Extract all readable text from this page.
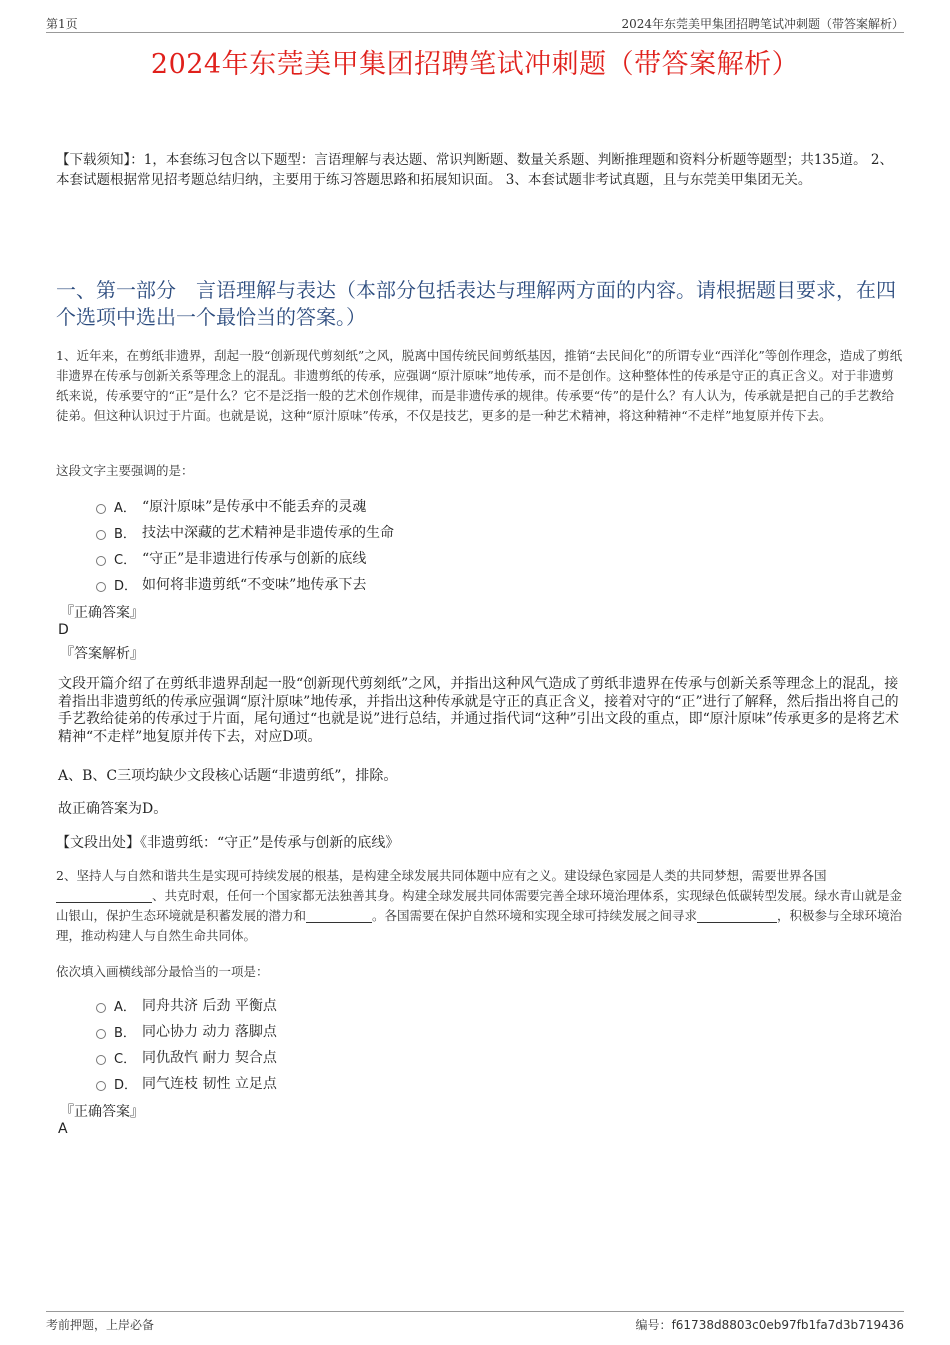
第1页	2024年东莞美甲集团招聘笔试冲刺题（带答案解析）
2024年东莞美甲集团招聘笔试冲刺题（带答案解析）
【下载须知】：1，本套练习包含以下题型：言语理解与表达题、常识判断题、数量关系题、判断推理题和资料分析题等题型；共135道。 2、本套试题根据常见招考题总结归纳，主要用于练习答题思路和拓展知识面。 3、本套试题非考试真题，且与东莞美甲集团无关。
一、第一部分　言语理解与表达（本部分包括表达与理解两方面的内容。请根据题目要求，在四个选项中选出一个最恰当的答案。）
1、近年来，在剪纸非遗界，刮起一股“创新现代剪刻纸”之风，脱离中国传统民间剪纸基因，推销“去民间化”的所谓专业“西洋化”等创作理念，造成了剪纸非遗界在传承与创新关系等理念上的混乱。非遗剪纸的传承，应强调“原汁原味”地传承，而不是创作。这种整体性的传承是守正的真正含义。对于非遗剪纸来说，传承要守的“正”是什么？它不是泛指一般的艺术创作规律，而是非遗传承的规律。传承要“传”的是什么？有人认为，传承就是把自己的手艺教给徒弟。但这种认识过于片面。也就是说，这种“原汁原味”传承，不仅是技艺，更多的是一种艺术精神，将这种精神“不走样”地复原并传下去。
这段文字主要强调的是：
A． “原汁原味”是传承中不能丢弃的灵魂
B． 技法中深藏的艺术精神是非遗传承的生命
C． “守正”是非遗进行传承与创新的底线
D． 如何将非遗剪纸“不变味”地传承下去
『正确答案』
D
『答案解析』
文段开篇介绍了在剪纸非遗界刮起一股“创新现代剪刻纸”之风，并指出这种风气造成了剪纸非遗界在传承与创新关系等理念上的混乱，接着指出非遗剪纸的传承应强调“原汁原味”地传承，并指出这种传承就是守正的真正含义，接着对守的“正”进行了解释，然后指出将自己的手艺教给徒弟的传承过于片面，尾句通过“也就是说”进行总结，并通过指代词“这种”引出文段的重点，即“原汁原味”传承更多的是将艺术精神“不走样”地复原并传下去，对应D项。
A、B、C三项均缺少文段核心话题“非遗剪纸”，排除。
故正确答案为D。
【文段出处】《非遗剪纸：“守正”是传承与创新的底线》
2、坚持人与自然和谐共生是实现可持续发展的根基，是构建全球发展共同体题中应有之义。建设绿色家园是人类的共同梦想，需要世界各国、共克时艰，任何一个国家都无法独善其身。构建全球发展共同体需要完善全球环境治理体系，实现绿色低碳转型发展。绿水青山就是金山银山，保护生态环境就是积蓄发展的潜力和	。各国需要在保护自然环境和实现全球可持续发展之间寻求	，积极参与全球环境治理，推动构建人与自然生命共同体。
依次填入画横线部分最恰当的一项是：
A． 同舟共济 后劲 平衡点
B． 同心协力 动力 落脚点
C． 同仇敌忾 耐力 契合点
D． 同气连枝 韧性 立足点
『正确答案』
A
考前押题，上岸必备	编号：f61738d8803c0eb97fb1fa7d3b719436
